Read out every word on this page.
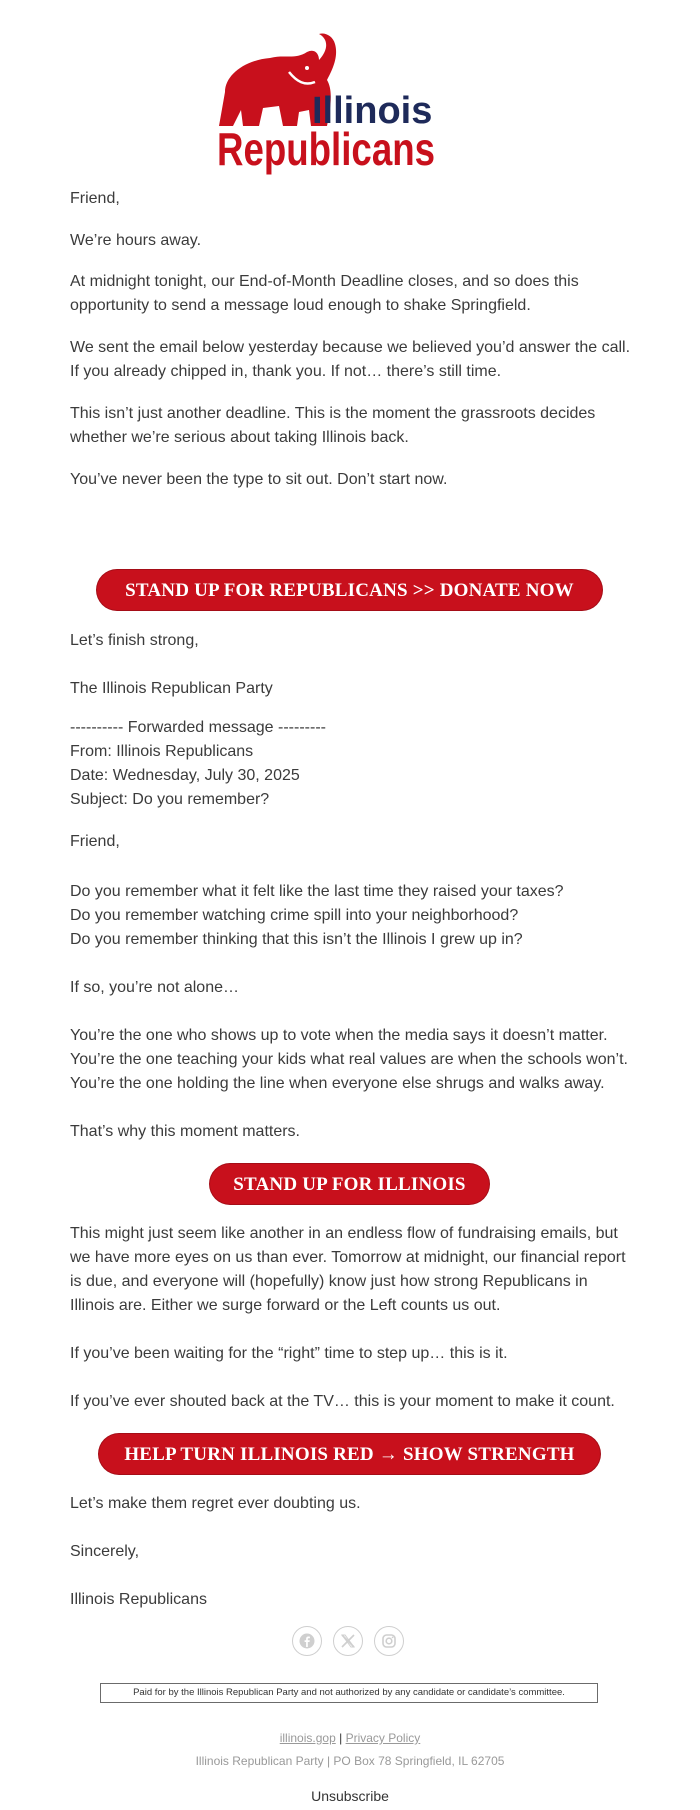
Illinois
Republicans

Friend,

We’re hours away.

At midnight tonight, our End-of-Month Deadline closes, and so does this

opportunity to send a message loud enough to shake Springfield.

We sent the email below yesterday because we believed you’d answer the call.

If you already chipped in, thank you. If not… there’s still time.

This isn’t just another deadline. This is the moment the grassroots decides

whether we’re serious about taking Illinois back.

You’ve never been the type to sit out. Don’t start now.

STAND UP FOR REPUBLICANS >> DONATE NOW

Let’s finish strong,

The Illinois Republican Party

---------- Forwarded message ---------

From: Illinois Republicans

Date: Wednesday, July 30, 2025

Subject: Do you remember?

Friend,

Do you remember what it felt like the last time they raised your taxes?

Do you remember watching crime spill into your neighborhood?

Do you remember thinking that this isn’t the Illinois I grew up in?

If so, you’re not alone…

You’re the one who shows up to vote when the media says it doesn’t matter.

You’re the one teaching your kids what real values are when the schools won’t.

You’re the one holding the line when everyone else shrugs and walks away.

That’s why this moment matters.

STAND UP FOR ILLINOIS

This might just seem like another in an endless flow of fundraising emails, but

we have more eyes on us than ever. Tomorrow at midnight, our financial report

is due, and everyone will (hopefully) know just how strong Republicans in

Illinois are. Either we surge forward or the Left counts us out.

If you’ve been waiting for the “right” time to step up… this is it.

If you’ve ever shouted back at the TV… this is your moment to make it count.

HELP TURN ILLINOIS RED → SHOW STRENGTH

Let’s make them regret ever doubting us.

Sincerely,

Illinois Republicans

Paid for by the Illinois Republican Party and not authorized by any candidate or candidate’s committee.
illinois.gop | Privacy Policy
Illinois Republican Party | PO Box 78 Springfield, IL 62705
Unsubscribe
